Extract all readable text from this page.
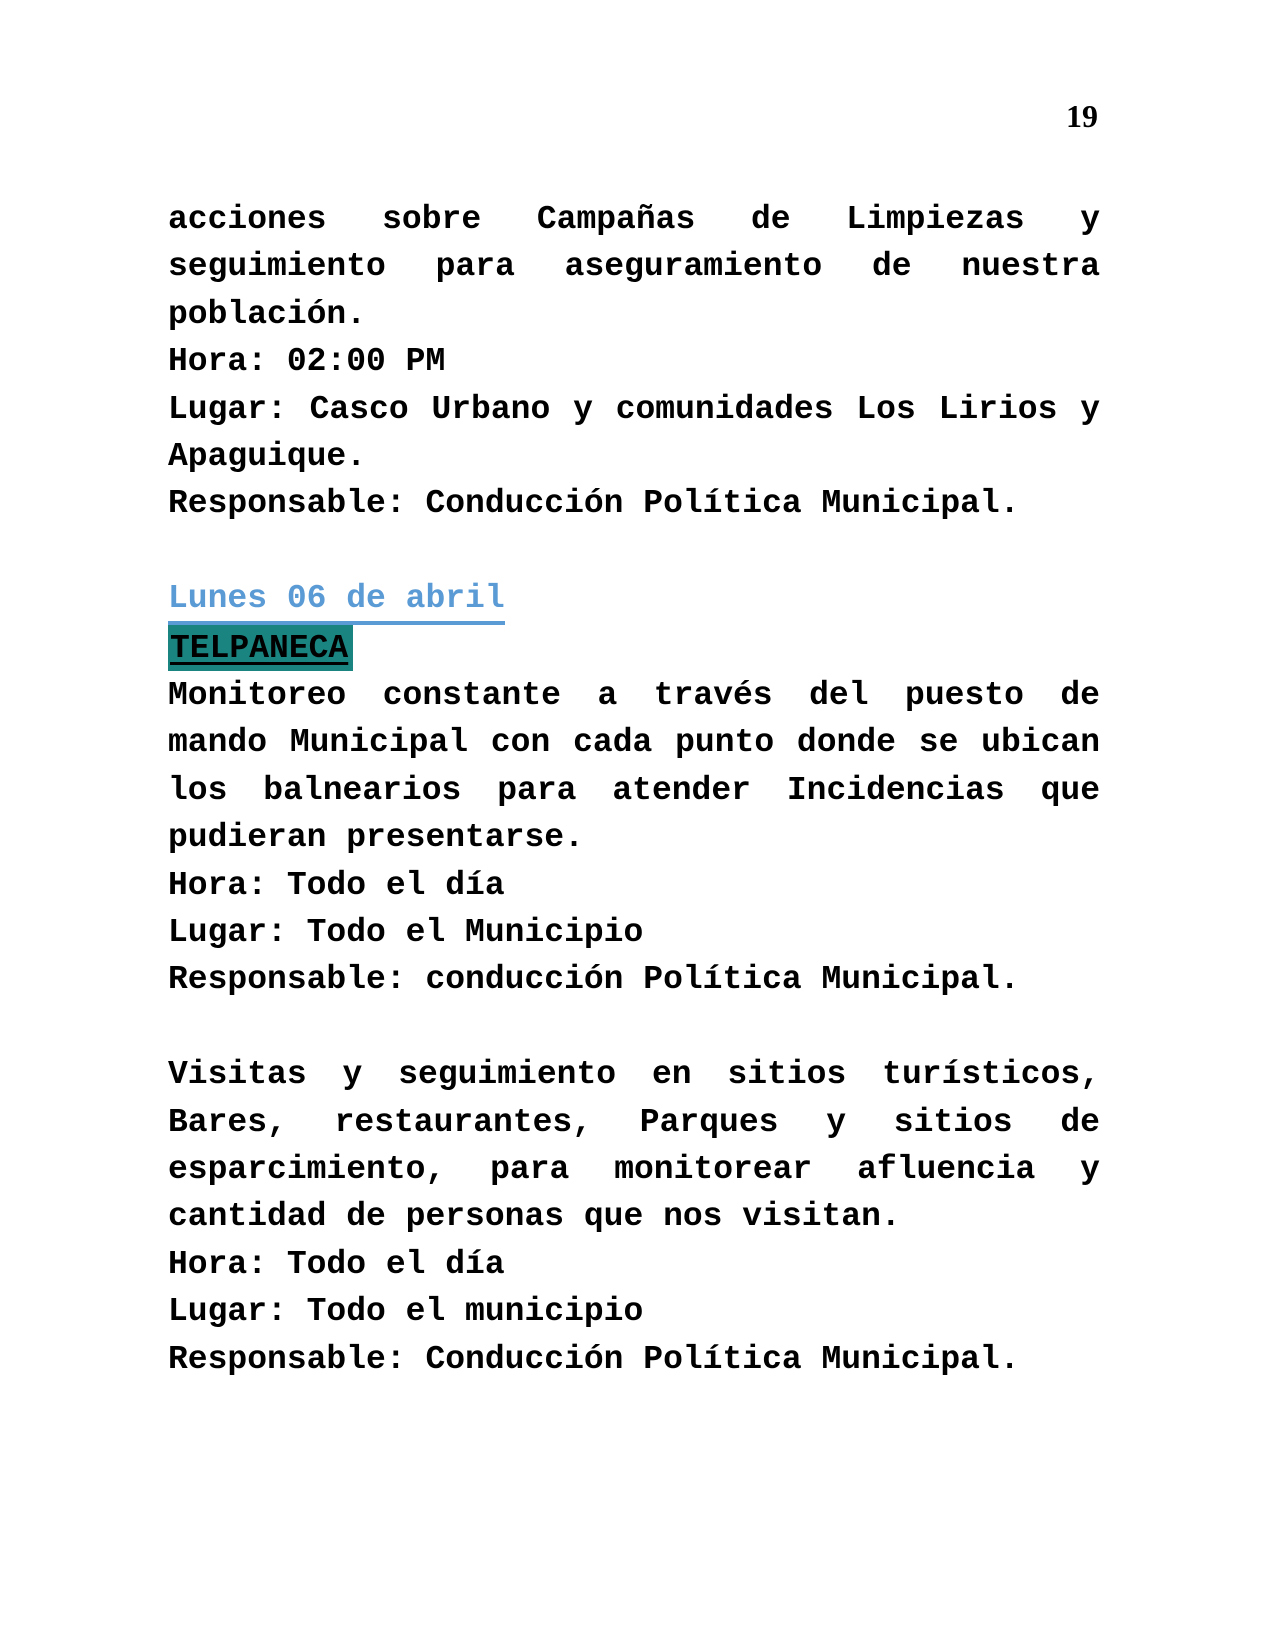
19

acciones sobre Campañas de Limpiezas y seguimiento para aseguramiento de nuestra población.

Hora: 02:00 PM

Lugar: Casco Urbano y comunidades Los Lirios y Apaguique.

Responsable: Conducción Política Municipal.

Lunes 06 de abril

TELPANECA

Monitoreo constante a través del puesto de mando Municipal con cada punto donde se ubican los balnearios para atender Incidencias que pudieran presentarse.

Hora: Todo el día

Lugar: Todo el Municipio

Responsable: conducción Política Municipal.

Visitas y seguimiento en sitios turísticos, Bares, restaurantes, Parques y sitios de esparcimiento, para monitorear afluencia y cantidad de personas que nos visitan.

Hora: Todo el día

Lugar: Todo el municipio

Responsable: Conducción Política Municipal.
